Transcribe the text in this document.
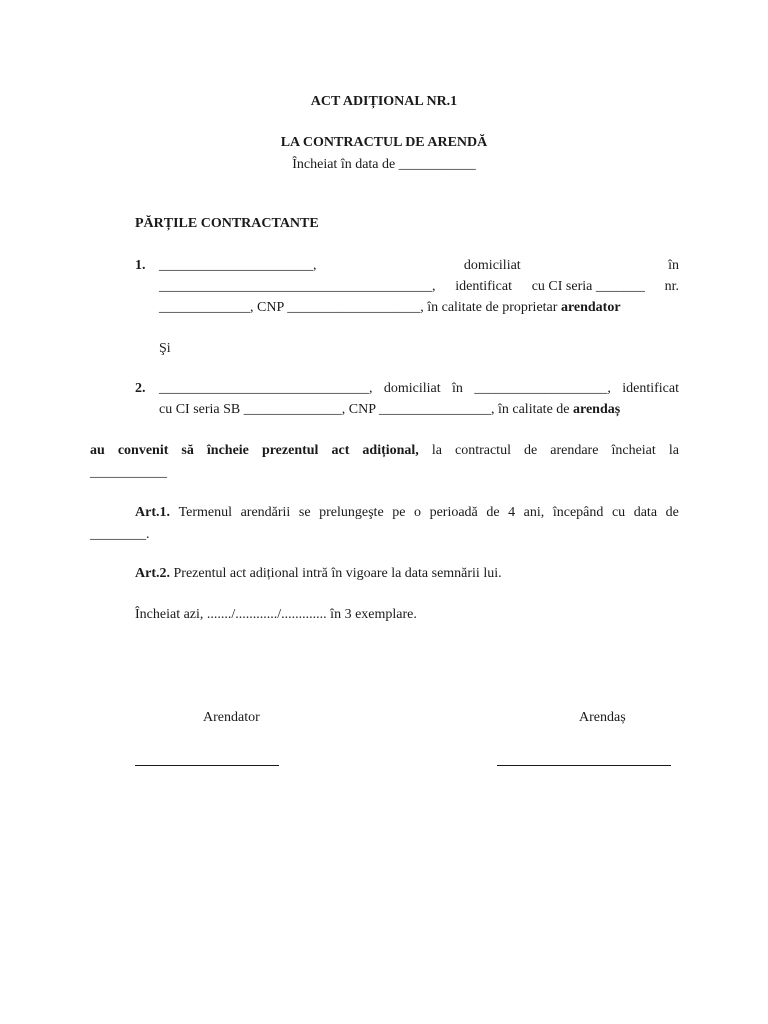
ACT ADIȚIONAL NR.1
LA CONTRACTUL DE ARENDĂ
Încheiat în data de ___________
PĂRȚILE CONTRACTANTE
1. ______________________,	domiciliat	în
_______________________________________, identificat cu CI seria _______ nr.
_____________, CNP ___________________, în calitate de proprietar arendator
Şi
2. ______________________________, domiciliat în ___________________, identificat
cu CI seria SB ______________, CNP ________________, în calitate de arendaș
au convenit să încheie prezentul act adițional, la contractul de arendare încheiat la
___________
Art.1. Termenul arendării se prelungeşte pe o perioadă de 4 ani, începând cu data de
________.
Art.2. Prezentul act adițional intră în vigoare la data semnării lui.
Încheiat azi, ......./............/............. în 3 exemplare.
Arendator	Arendaș
